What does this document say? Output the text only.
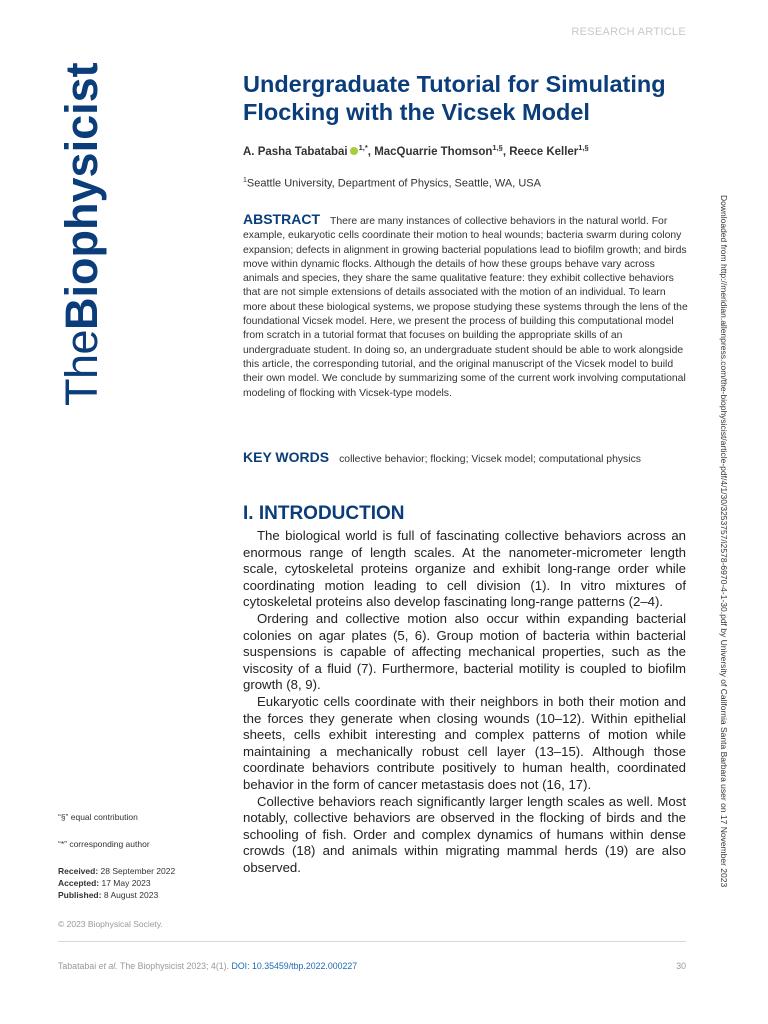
RESEARCH ARTICLE
TheBiophysicist	Downloaded from http://meridian.allenpress.com/the-biophysicist/article-pdf/4/1/30/3253757/i2578-6970-4-1-30.pdf by University of California Santa Barbara user on 17 November 2023
Undergraduate Tutorial for Simulating Flocking with the Vicsek Model
A. Pasha Tabatabai $^{1,*}$, MacQuarrie Thomson$^{1,\S}$, Reece Keller$^{1,\S}$
$^1$Seattle University, Department of Physics, Seattle, WA, USA
ABSTRACT There are many instances of collective behaviors in the natural world. For example, eukaryotic cells coordinate their motion to heal wounds; bacteria swarm during colony expansion; defects in alignment in growing bacterial populations lead to biofilm growth; and birds move within dynamic flocks. Although the details of how these groups behave vary across animals and species, they share the same qualitative feature: they exhibit collective behaviors that are not simple extensions of details associated with the motion of an individual. To learn more about these biological systems, we propose studying these systems through the lens of the foundational Vicsek model. Here, we present the process of building this computational model from scratch in a tutorial format that focuses on building the appropriate skills of an undergraduate student. In doing so, an undergraduate student should be able to work alongside this article, the corresponding tutorial, and the original manuscript of the Vicsek model to build their own model. We conclude by summarizing some of the current work involving computational modeling of flocking with Vicsek-type models.
KEY WORDS collective behavior; flocking; Vicsek model; computational physics
I. INTRODUCTION

The biological world is full of fascinating collective behaviors across an enormous range of length scales. At the nanometer-micrometer length scale, cytoskeletal proteins organize and exhibit long-range order while coordinating motion leading to cell division (1). In vitro mixtures of cytoskeletal proteins also develop fascinating long-range patterns (2–4).

Ordering and collective motion also occur within expanding bacterial colonies on agar plates (5, 6). Group motion of bacteria within bacterial suspensions is capable of affecting mechanical properties, such as the viscosity of a fluid (7). Furthermore, bacterial motility is coupled to biofilm growth (8, 9).

Eukaryotic cells coordinate with their neighbors in both their motion and the forces they generate when closing wounds (10–12). Within epithelial sheets, cells exhibit interesting and complex patterns of motion while maintaining a mechanically robust cell layer (13–15). Although those coordinate behaviors contribute positively to human health, coordinated behavior in the form of cancer metastasis does not (16, 17).

Collective behaviors reach significantly larger length scales as well. Most notably, collective behaviors are observed in the flocking of birds and the schooling of fish. Order and complex dynamics of humans within dense crowds (18) and animals within migrating mammal herds (19) are also observed.

“§” equal contribution
“*” corresponding author
Received: 28 September 2022
Accepted: 17 May 2023
Published: 8 August 2023
© 2023 Biophysical Society.
Tabatabai et al. The Biophysicist 2023; 4(1). DOI: 10.35459/tbp.2022.000227	30
